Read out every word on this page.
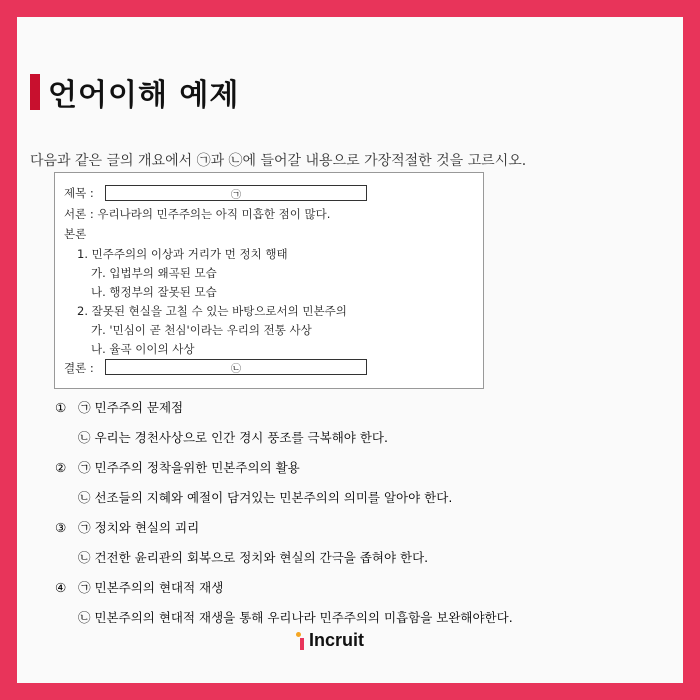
언어이해 예제
다음과 같은 글의 개요에서 ㉠과 ㉡에 들어갈 내용으로 가장적절한 것을 고르시오.
제목 :	㉠
서론 : 우리나라의 민주주의는 아직 미흡한 점이 많다.
본론
1. 민주주의의 이상과 거리가 먼 정치 행태
가. 입법부의 왜곡된 모습
나. 행정부의 잘못된 모습
2. 잘못된 현실을 고칠 수 있는 바탕으로서의 민본주의
가. '민심이 곧 천심'이라는 우리의 전통 사상
나. 율곡 이이의 사상
결론 :	㉡
① ㉠ 민주주의 문제점
㉡ 우리는 경천사상으로 인간 경시 풍조를 극복해야 한다.
② ㉠ 민주주의 정착을위한 민본주의의 활용
㉡ 선조들의 지혜와 예절이 담겨있는 민본주의의 의미를 알아야 한다.
③ ㉠ 정치와 현실의 괴리
㉡ 건전한 윤리관의 회복으로 정치와 현실의 간극을 좁혀야 한다.
④ ㉠ 민본주의의 현대적 재생
㉡ 민본주의의 현대적 재생을 통해 우리나라 민주주의의 미흡함을 보완해야한다.
Incruit
